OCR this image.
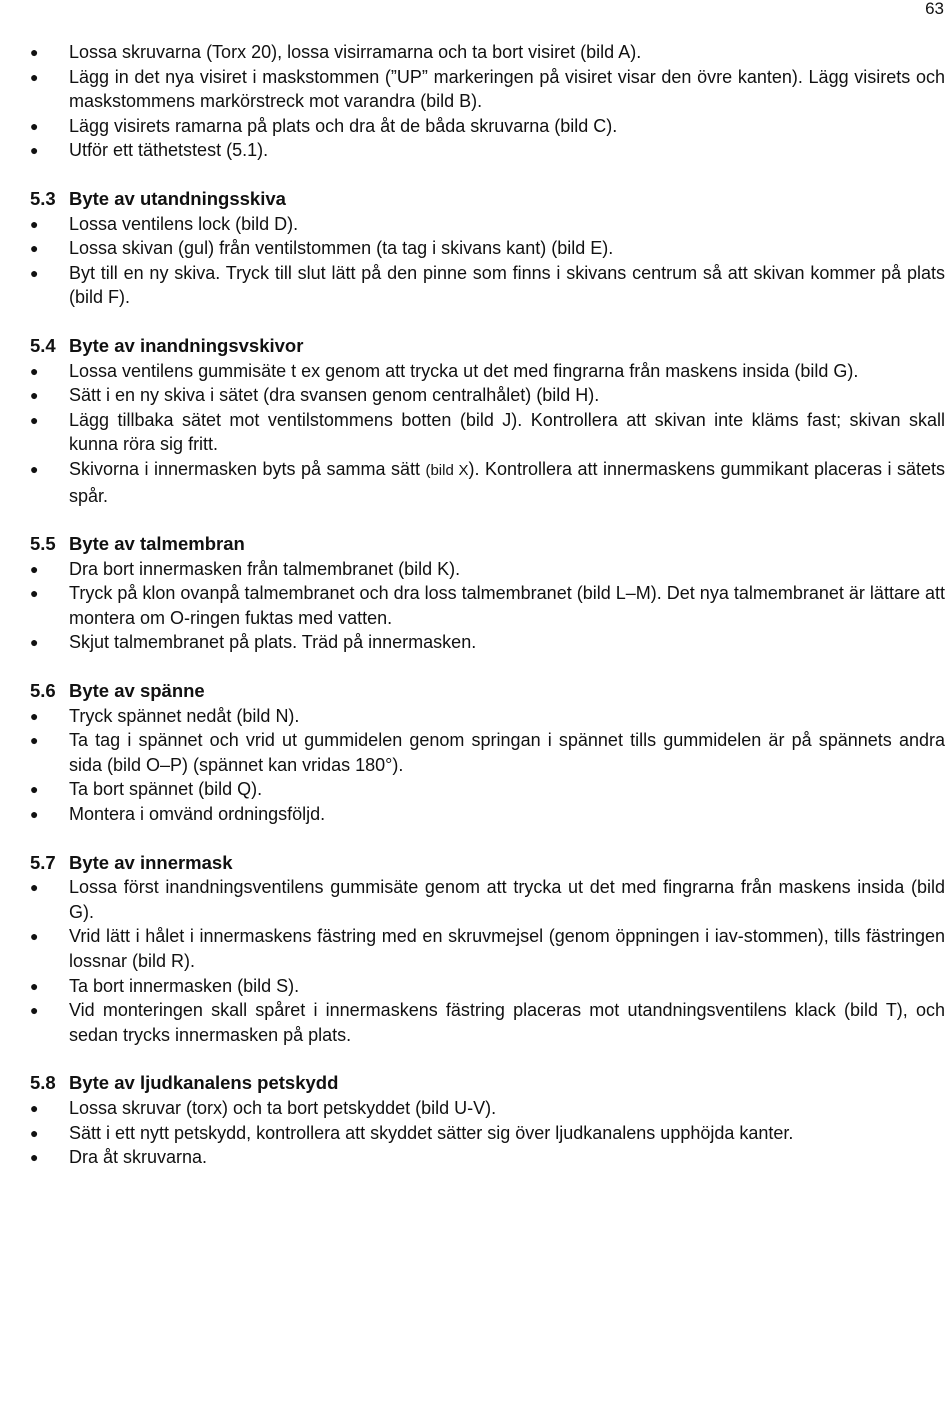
63
● Lossa skruvarna (Torx 20), lossa visirramarna och ta bort visiret (bild A).
● Lägg in det nya visiret i maskstommen (”UP” markeringen på visiret visar den övre kanten). Lägg visirets och maskstommens markörstreck mot varandra (bild B).
● Lägg visirets ramarna på plats och dra åt de båda skruvarna (bild C).
● Utför ett täthetstest (5.1).
5.3 Byte av utandningsskiva
● Lossa ventilens lock (bild D).
● Lossa skivan (gul) från ventilstommen (ta tag i skivans kant) (bild E).
● Byt till en ny skiva. Tryck till slut lätt på den pinne som finns i skivans centrum så att skivan kommer på plats (bild F).
5.4 Byte av inandningsvskivor
● Lossa ventilens gummisäte t ex genom att trycka ut det med fingrarna från maskens insida (bild G).
● Sätt i en ny skiva i sätet (dra svansen genom centralhålet) (bild H).
● Lägg tillbaka sätet mot ventilstommens botten (bild J). Kontrollera att skivan inte kläms fast; skivan skall kunna röra sig fritt.
● Skivorna i innermasken byts på samma sätt (bild X). Kontrollera att innermaskens gummikant placeras i sätets spår.
5.5 Byte av talmembran
● Dra bort innermasken från talmembranet (bild K).
● Tryck på klon ovanpå talmembranet och dra loss talmembranet (bild L–M). Det nya talmembranet är lättare att montera om O-ringen fuktas med vatten.
● Skjut talmembranet på plats. Träd på innermasken.
5.6 Byte av spänne
● Tryck spännet nedåt (bild N).
● Ta tag i spännet och vrid ut gummidelen genom springan i spännet tills gummidelen är på spännets andra sida (bild O–P) (spännet kan vridas 180°).
● Ta bort spännet (bild Q).
● Montera i omvänd ordningsföljd.
5.7 Byte av innermask
● Lossa först inandningsventilens gummisäte genom att trycka ut det med fingrarna från maskens insida (bild G).
● Vrid lätt i hålet i innermaskens fästring med en skruvmejsel (genom öppningen i iav-stommen), tills fästringen lossnar (bild R).
● Ta bort innermasken (bild S).
● Vid monteringen skall spåret i innermaskens fästring placeras mot utandningsventilens klack (bild T), och sedan trycks innermasken på plats.
5.8 Byte av ljudkanalens petskydd
● Lossa skruvar (torx) och ta bort petskyddet (bild U-V).
● Sätt i ett nytt petskydd, kontrollera att skyddet sätter sig över ljudkanalens upphöjda kanter.
● Dra åt skruvarna.
